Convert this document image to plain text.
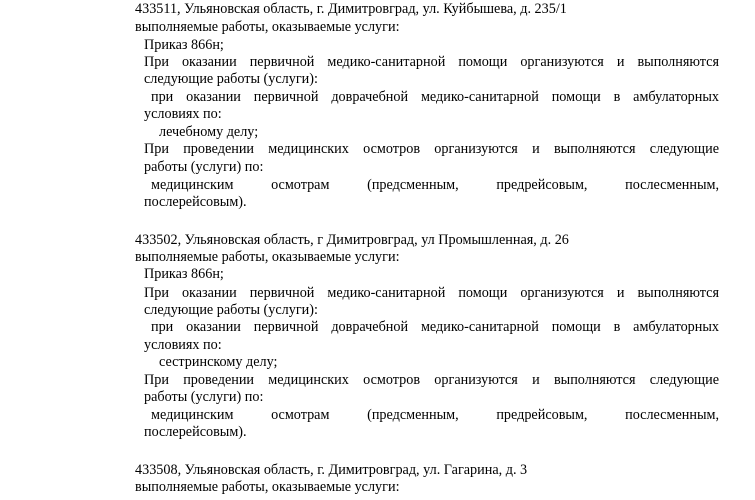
433511, Ульяновская область, г. Димитровград, ул. Куйбышева, д. 235/1
выполняемые работы, оказываемые услуги:
Приказ 866н;
При оказании первичной медико-санитарной помощи организуются и выполняются
следующие работы (услуги):
при оказании первичной доврачебной медико-санитарной помощи в амбулаторных
условиях по:
лечебному делу;
При проведении медицинских осмотров организуются и выполняются следующие
работы (услуги) по:
медицинским осмотрам (предсменным, предрейсовым, послесменным,
послерейсовым).
433502, Ульяновская область, г Димитровград, ул Промышленная, д. 26
выполняемые работы, оказываемые услуги:
Приказ 866н;
При оказании первичной медико-санитарной помощи организуются и выполняются
следующие работы (услуги):
при оказании первичной доврачебной медико-санитарной помощи в амбулаторных
условиях по:
сестринскому делу;
При проведении медицинских осмотров организуются и выполняются следующие
работы (услуги) по:
медицинским осмотрам (предсменным, предрейсовым, послесменным,
послерейсовым).
433508, Ульяновская область, г. Димитровград, ул. Гагарина, д. 3
выполняемые работы, оказываемые услуги:
